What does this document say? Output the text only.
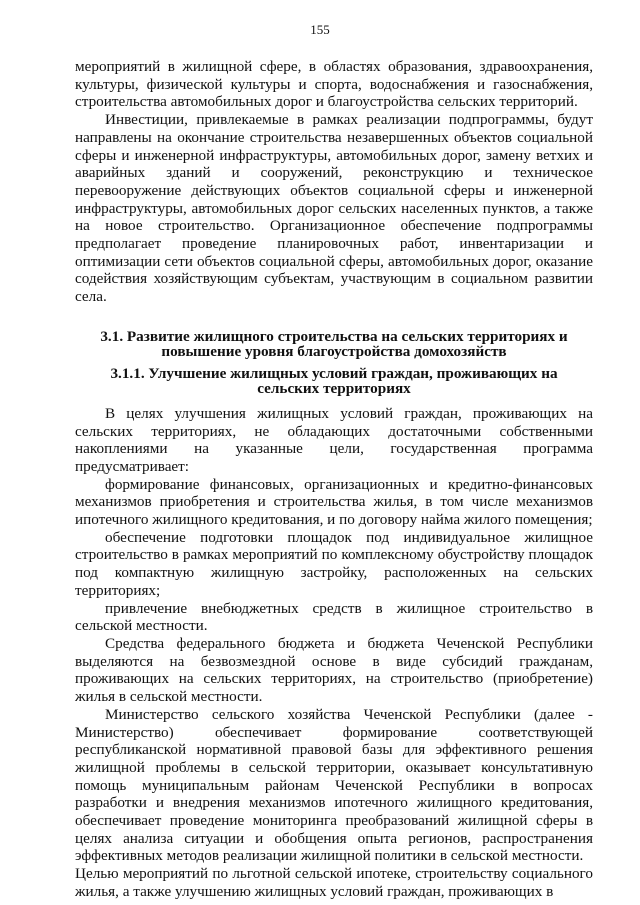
155

мероприятий в жилищной сфере, в областях образования, здравоохранения, культуры, физической культуры и спорта, водоснабжения и газоснабжения, строительства автомобильных дорог и благоустройства сельских территорий.

Инвестиции, привлекаемые в рамках реализации подпрограммы, будут направлены на окончание строительства незавершенных объектов социальной сферы и инженерной инфраструктуры, автомобильных дорог, замену ветхих и аварийных зданий и сооружений, реконструкцию и техническое перевооружение действующих объектов социальной сферы и инженерной инфраструктуры, автомобильных дорог сельских населенных пунктов, а также на новое строительство. Организационное обеспечение подпрограммы предполагает проведение планировочных работ, инвентаризации и оптимизации сети объектов социальной сферы, автомобильных дорог, оказание содействия хозяйствующим субъектам, участвующим в социальном развитии села.

3.1. Развитие жилищного строительства на сельских территориях и повышение уровня благоустройства домохозяйств

3.1.1. Улучшение жилищных условий граждан, проживающих на сельских территориях

В целях улучшения жилищных условий граждан, проживающих на сельских территориях, не обладающих достаточными собственными накоплениями на указанные цели, государственная программа предусматривает:

формирование финансовых, организационных и кредитно-финансовых механизмов приобретения и строительства жилья, в том числе механизмов ипотечного жилищного кредитования, и по договору найма жилого помещения;

обеспечение подготовки площадок под индивидуальное жилищное строительство в рамках мероприятий по комплексному обустройству площадок под компактную жилищную застройку, расположенных на сельских территориях;

привлечение внебюджетных средств в жилищное строительство в сельской местности.

Средства федерального бюджета и бюджета Чеченской Республики выделяются на безвозмездной основе в виде субсидий гражданам, проживающих на сельских территориях, на строительство (приобретение) жилья в сельской местности.

Министерство сельского хозяйства Чеченской Республики (далее - Министерство) обеспечивает формирование соответствующей республиканской нормативной правовой базы для эффективного решения жилищной проблемы в сельской территории, оказывает консультативную помощь муниципальным районам Чеченской Республики в вопросах разработки и внедрения механизмов ипотечного жилищного кредитования, обеспечивает проведение мониторинга преобразований жилищной сферы в целях анализа ситуации и обобщения опыта регионов, распространения эффективных методов реализации жилищной политики в сельской местности.

Целью мероприятий по льготной сельской ипотеке, строительству социального жилья, а также улучшению жилищных условий граждан, проживающих в
